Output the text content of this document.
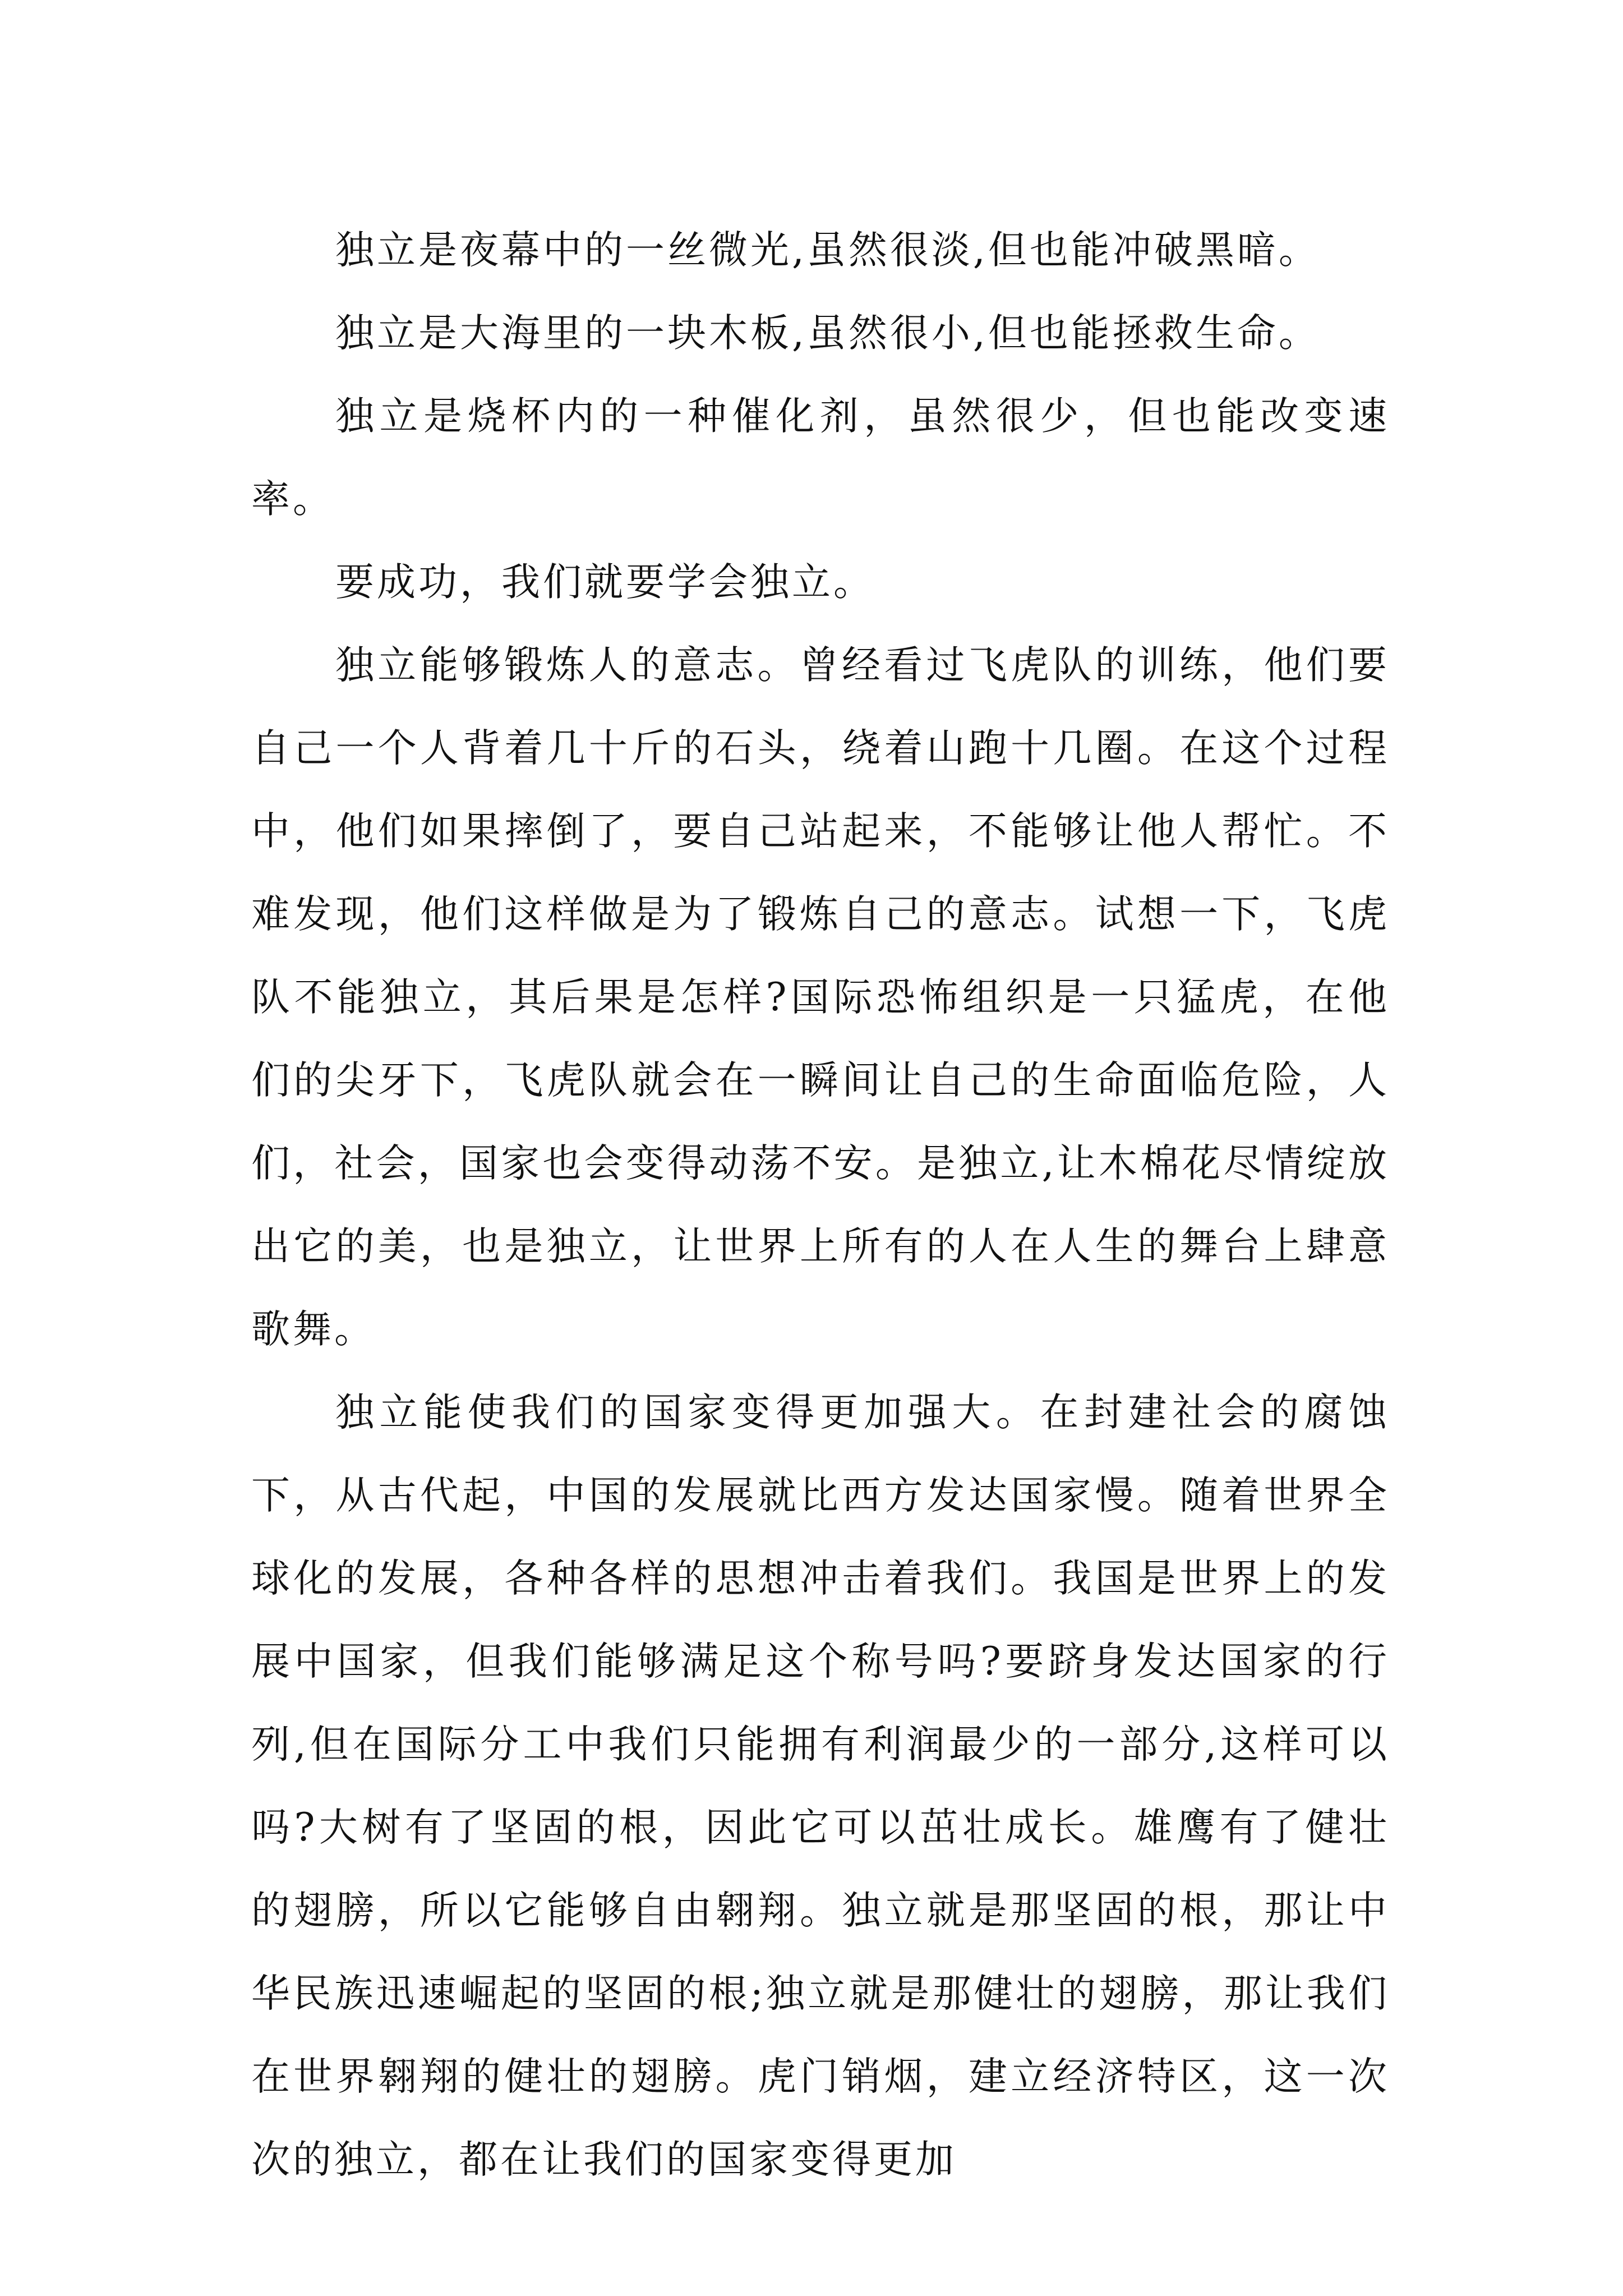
独立是夜幕中的一丝微光,虽然很淡,但也能冲破黑暗。

独立是大海里的一块木板,虽然很小,但也能拯救生命。

独立是烧杯内的一种催化剂，虽然很少，但也能改变速率。

要成功，我们就要学会独立。

独立能够锻炼人的意志。曾经看过飞虎队的训练，他们要自己一个人背着几十斤的石头，绕着山跑十几圈。在这个过程中，他们如果摔倒了，要自己站起来，不能够让他人帮忙。不难发现，他们这样做是为了锻炼自己的意志。试想一下，飞虎队不能独立，其后果是怎样?国际恐怖组织是一只猛虎，在他们的尖牙下，飞虎队就会在一瞬间让自己的生命面临危险，人们，社会，国家也会变得动荡不安。是独立,让木棉花尽情绽放出它的美，也是独立，让世界上所有的人在人生的舞台上肆意歌舞。

独立能使我们的国家变得更加强大。在封建社会的腐蚀下，从古代起，中国的发展就比西方发达国家慢。随着世界全球化的发展，各种各样的思想冲击着我们。我国是世界上的发展中国家，但我们能够满足这个称号吗?要跻身发达国家的行列,但在国际分工中我们只能拥有利润最少的一部分,这样可以吗?大树有了坚固的根，因此它可以茁壮成长。雄鹰有了健壮的翅膀，所以它能够自由翱翔。独立就是那坚固的根，那让中华民族迅速崛起的坚固的根;独立就是那健壮的翅膀，那让我们在世界翱翔的健壮的翅膀。虎门销烟，建立经济特区，这一次次的独立，都在让我们的国家变得更加
